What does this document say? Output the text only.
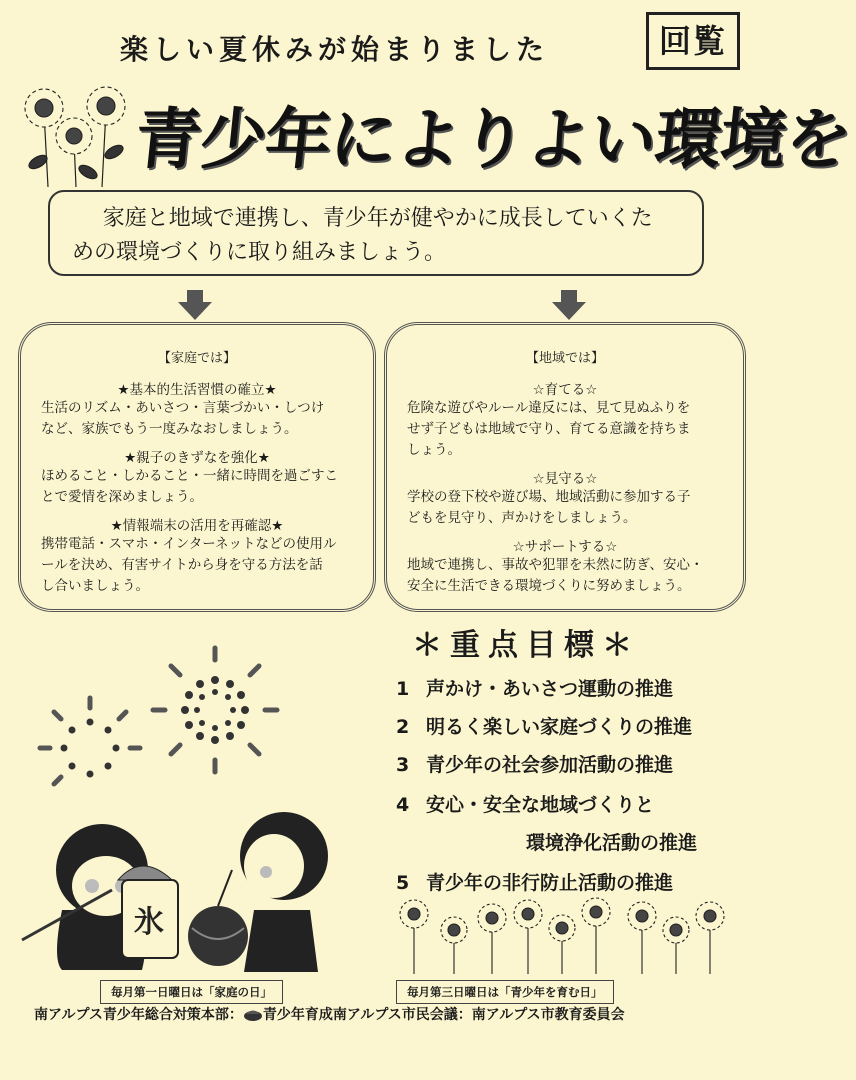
楽しい夏休みが始まりました	回覧
青少年によりよい環境を
家庭と地域で連携し、青少年が健やかに成長していくた
めの環境づくりに取り組みましょう。
【家庭では】
★基本的生活習慣の確立★
生活のリズム・あいさつ・言葉づかい・しつけ
など、家族でもう一度みなおしましょう。
★親子のきずなを強化★
ほめること・しかること・一緒に時間を過ごすこ
とで愛情を深めましょう。
★情報端末の活用を再確認★
携帯電話・スマホ・インターネットなどの使用ル
ールを決め、有害サイトから身を守る方法を話
し合いましょう。
【地域では】
☆育てる☆
危険な遊びやルール違反には、見て見ぬふりを
せず子どもは地域で守り、育てる意識を持ちま
しょう。
☆見守る☆
学校の登下校や遊び場、地域活動に参加する子
どもを見守り、声かけをしましょう。
☆サポートする☆
地域で連携し、事故や犯罪を未然に防ぎ、安心・
安全に生活できる環境づくりに努めましょう。
氷
＊重点目標＊
1 声かけ・あいさつ運動の推進
2 明るく楽しい家庭づくりの推進
3 青少年の社会参加活動の推進
4 安心・安全な地域づくりと
環境浄化活動の推進
5 青少年の非行防止活動の推進
毎月第一日曜日は「家庭の日」	毎月第三日曜日は「青少年を育む日」
南アルプス青少年総合対策本部： 青少年育成南アルプス市民会議：南アルプス市教育委員会
